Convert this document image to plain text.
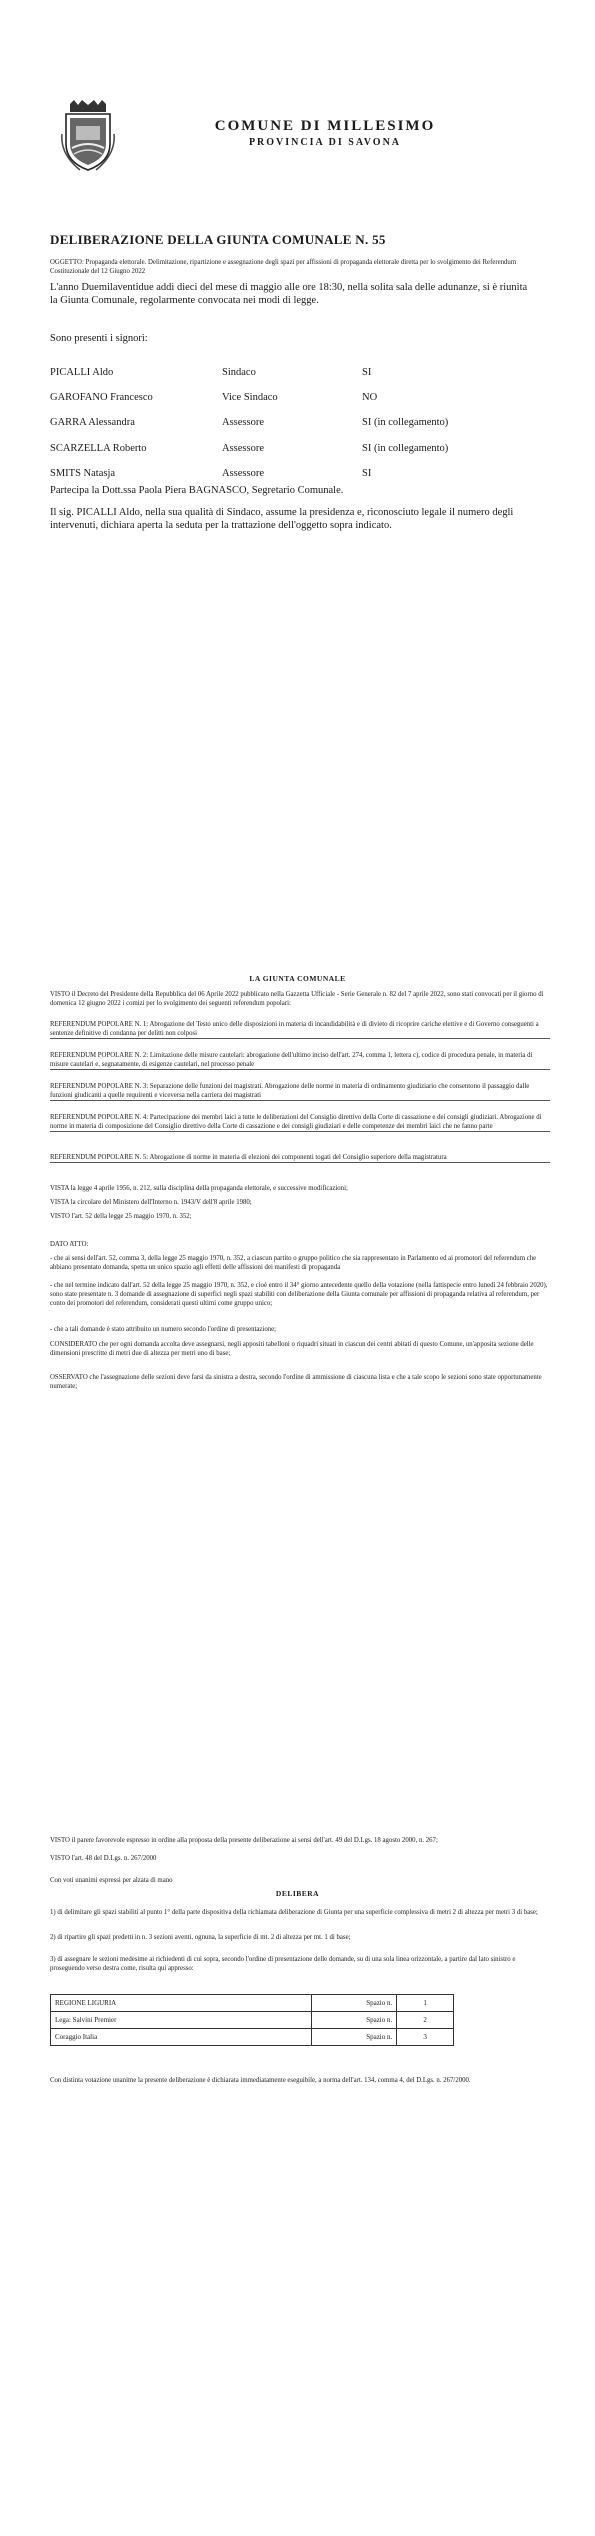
COMUNE DI MILLESIMO
PROVINCIA DI SAVONA
DELIBERAZIONE DELLA GIUNTA COMUNALE N. 55
OGGETTO: Propaganda elettorale. Delimitazione, ripartizione e assegnazione degli spazi per affissioni di propaganda elettorale diretta per lo svolgimento dei Referendum Costituzionale del 12 Giugno 2022
L'anno Duemilaventidue addì dieci del mese di maggio alle ore 18:30, nella solita sala delle adunanze, si è riunita la Giunta Comunale, regolarmente convocata nei modi di legge.
Sono presenti i signori:
PICALLI Aldo	Sindaco	SI
GAROFANO Francesco	Vice Sindaco	NO
GARRA Alessandra	Assessore	SI (in collegamento)
SCARZELLA Roberto	Assessore	SI (in collegamento)
SMITS Natasja	Assessore	SI
Partecipa la Dott.ssa Paola Piera BAGNASCO, Segretario Comunale.
Il sig. PICALLI Aldo, nella sua qualità di Sindaco, assume la presidenza e, riconosciuto legale il numero degli intervenuti, dichiara aperta la seduta per la trattazione dell'oggetto sopra indicato.
LA GIUNTA COMUNALE
VISTO il Decreto del Presidente della Repubblica del 06 Aprile 2022 pubblicato nella Gazzetta Ufficiale - Serie Generale n. 82 del 7 aprile 2022, sono stati convocati per il giorno di domenica 12 giugno 2022 i comizi per lo svolgimento dei seguenti referendum popolari:
REFERENDUM POPOLARE N. 1: Abrogazione del Testo unico delle disposizioni in materia di incandidabilità e di divieto di ricoprire cariche elettive e di Governo conseguenti a sentenze definitive di condanna per delitti non colposi
REFERENDUM POPOLARE N. 2: Limitazione delle misure cautelari: abrogazione dell'ultimo inciso dell'art. 274, comma 1, lettera c), codice di procedura penale, in materia di misure cautelari e, segnatamente, di esigenze cautelari, nel processo penale
REFERENDUM POPOLARE N. 3: Separazione delle funzioni dei magistrati. Abrogazione delle norme in materia di ordinamento giudiziario che consentono il passaggio dalle funzioni giudicanti a quelle requirenti e viceversa nella carriera dei magistrati
REFERENDUM POPOLARE N. 4: Partecipazione dei membri laici a tutte le deliberazioni del Consiglio direttivo della Corte di cassazione e dei consigli giudiziari. Abrogazione di norme in materia di composizione del Consiglio direttivo della Corte di cassazione e dei consigli giudiziari e delle competenze dei membri laici che ne fanno parte
REFERENDUM POPOLARE N. 5: Abrogazione di norme in materia di elezioni dei componenti togati del Consiglio superiore della magistratura
VISTA la legge 4 aprile 1956, n. 212, sulla disciplina della propaganda elettorale, e successive modificazioni;
VISTA la circolare del Ministero dell'Interno n. 1943/V dell'8 aprile 1980;
VISTO l'art. 52 della legge 25 maggio 1970, n. 352;
DATO ATTO:
- che ai sensi dell'art. 52, comma 3, della legge 25 maggio 1970, n. 352, a ciascun partito o gruppo politico che sia rappresentato in Parlamento ed ai promotori del referendum che abbiano presentato domanda, spetta un unico spazio agli effetti delle affissioni dei manifesti di propaganda
- che nel termine indicato dall'art. 52 della legge 25 maggio 1970, n. 352, e cioè entro il 34° giorno antecedente quello della votazione (nella fattispecie entro lunedì 24 febbraio 2020), sono state presentate n. 3 domande di assegnazione di superfici negli spazi stabiliti con deliberazione della Giunta comunale per affissioni di propaganda relativa al referendum, per conto dei promotori del referendum, considerati questi ultimi come gruppo unico;
- che a tali domande è stato attribuito un numero secondo l'ordine di presentazione;
CONSIDERATO che per ogni domanda accolta deve assegnarsi, negli appositi tabelloni o riquadri situati in ciascun dei centri abitati di questo Comune, un'apposita sezione delle dimensioni prescritte di metri due di altezza per metri uno di base;
OSSERVATO che l'assegnazione delle sezioni deve farsi da sinistra a destra, secondo l'ordine di ammissione di ciascuna lista e che a tale scopo le sezioni sono state opportunamente numerate;
VISTO il parere favorevole espresso in ordine alla proposta della presente deliberazione ai sensi dell'art. 49 del D.Lgs. 18 agosto 2000, n. 267;
VISTO l'art. 48 del D.Lgs. n. 267/2000
Con voti unanimi espressi per alzata di mano
DELIBERA
1) di delimitare gli spazi stabiliti al punto 1° della parte dispositiva della richiamata deliberazione di Giunta per una superficie complessiva di metri 2 di altezza per metri 3 di base;
2) di ripartire gli spazi predetti in n. 3 sezioni aventi, ognuna, la superficie di mt. 2 di altezza per mt. 1 di base;
3) di assegnare le sezioni medesime ai richiedenti di cui sopra, secondo l'ordine di presentazione delle domande, su di una sola linea orizzontale, a partire dal lato sinistro e proseguendo verso destra come, risulta qui appresso:
REGIONE LIGURIA	Spazio n.	1
Lega: Salvini Premier	Spazio n.	2
Coraggio Italia	Spazio n.	3
Con distinta votazione unanime la presente deliberazione è dichiarata immediatamente eseguibile, a norma dell'art. 134, comma 4, del D.Lgs. n. 267/2000.
